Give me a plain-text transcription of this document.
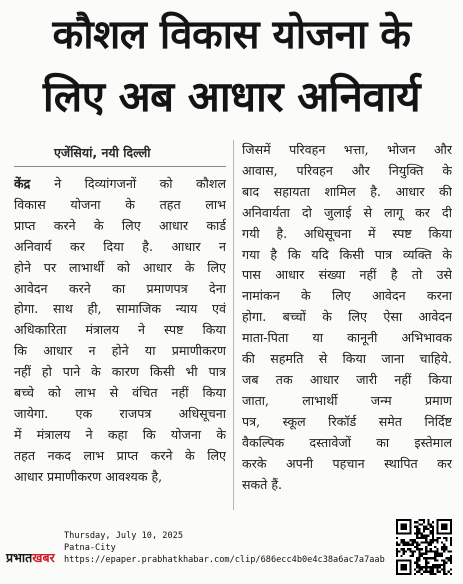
कौशल विकास योजना के
लिए अब आधार अनिवार्य
एजेंसियां, नयी दिल्ली
केंद्र ने दिव्यांगजनों को कौशल
विकास योजना के तहत लाभ
प्राप्त करने के लिए आधार कार्ड
अनिवार्य कर दिया है. आधार न
होने पर लाभार्थी को आधार के लिए
आवेदन करने का प्रमाणपत्र देना
होगा. साथ ही, सामाजिक न्याय एवं
अधिकारिता मंत्रालय ने स्पष्ट किया
कि आधार न होने या प्रमाणीकरण
नहीं हो पाने के कारण किसी भी पात्र
बच्चे को लाभ से वंचित नहीं किया
जायेगा. एक राजपत्र अधिसूचना
में मंत्रालय ने कहा कि योजना के
तहत नकद लाभ प्राप्त करने के लिए
आधार प्रमाणीकरण आवश्यक है,
जिसमें परिवहन भत्ता, भोजन और
आवास, परिवहन और नियुक्ति के
बाद सहायता शामिल है. आधार की
अनिवार्यता दो जुलाई से लागू कर दी
गयी है. अधिसूचना में स्पष्ट किया
गया है कि यदि किसी पात्र व्यक्ति के
पास आधार संख्या नहीं है तो उसे
नामांकन के लिए आवेदन करना
होगा. बच्चों के लिए ऐसा आवेदन
माता-पिता या कानूनी अभिभावक
की सहमति से किया जाना चाहिये.
जब तक आधार जारी नहीं किया
जाता, लाभार्थी जन्म प्रमाण
पत्र, स्कूल रिकॉर्ड समेत निर्दिष्ट
वैकल्पिक दस्तावेजों का इस्तेमाल
करके अपनी पहचान स्थापित कर
सकते हैं.
प्रभातखबर
Thursday, July 10, 2025
Patna-City
https://epaper.prabhatkhabar.com/clip/686ecc4b0e4c38a6ac7a7aab
